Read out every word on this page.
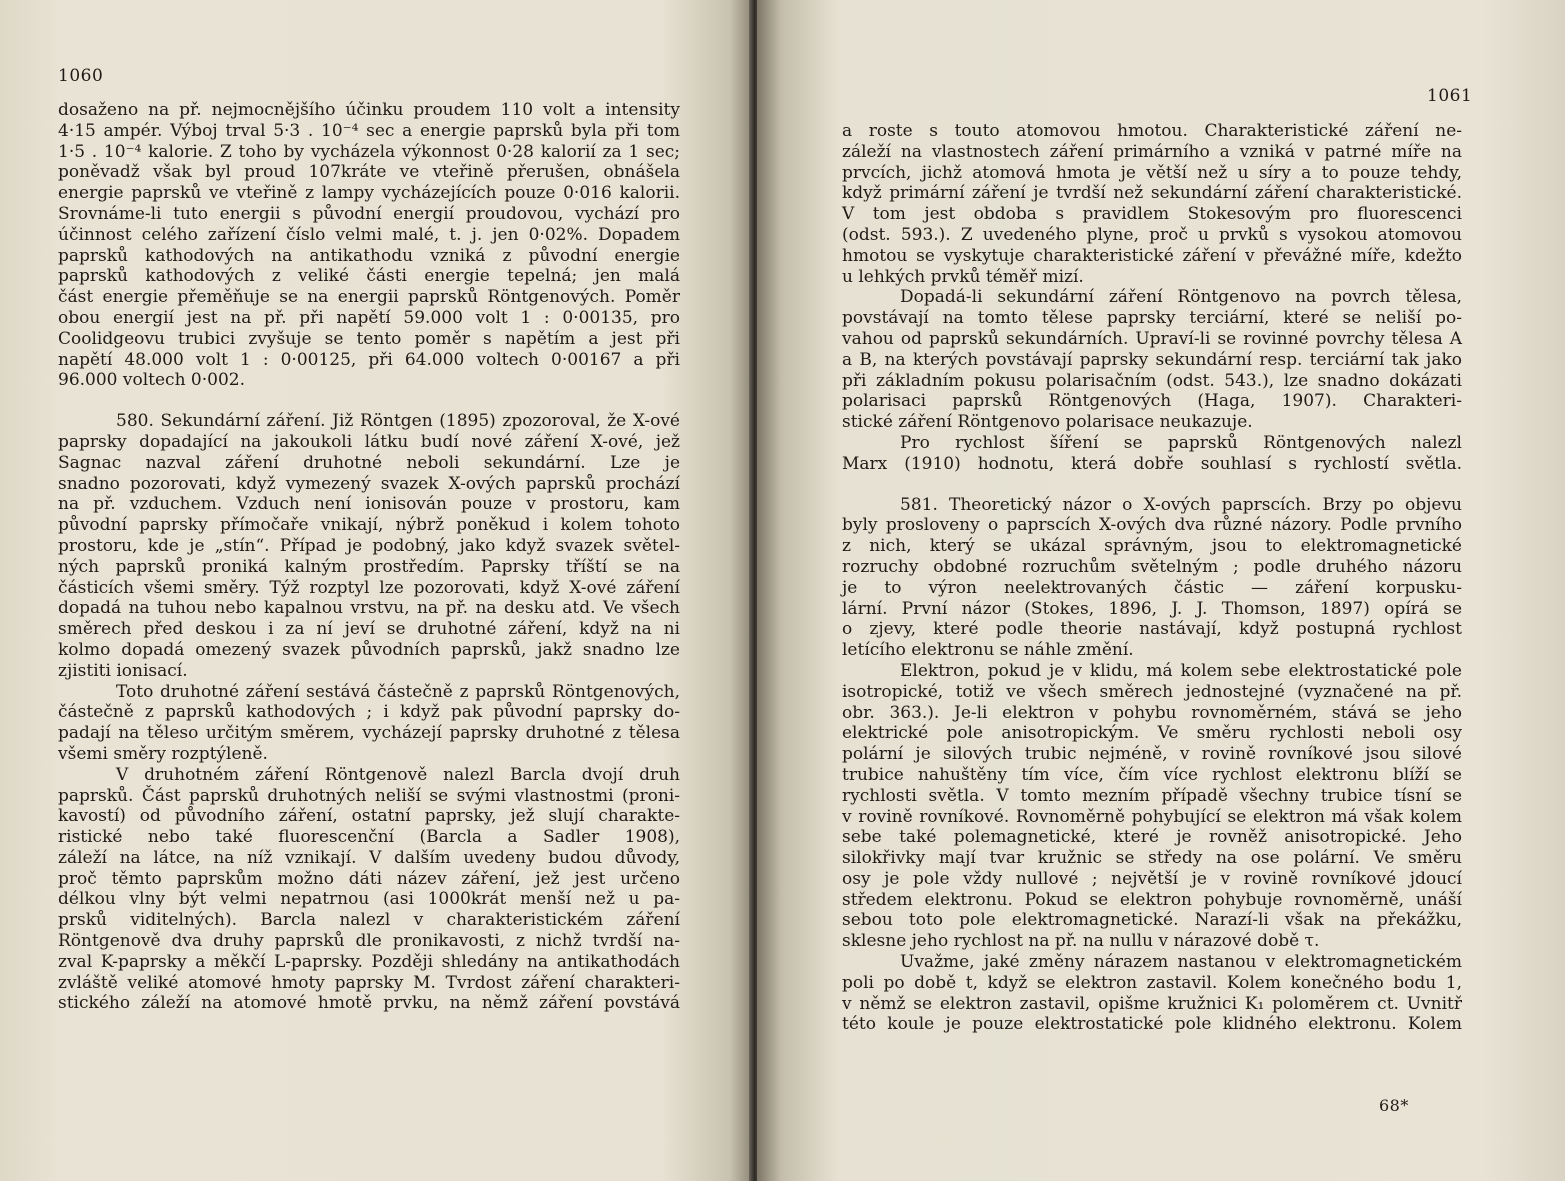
1060
dosaženo na př. nejmocnějšího účinku proudem 110 volt a intensity
4·15 ampér. Výboj trval 5·3 . 10⁻⁴ sec a energie paprsků byla při tom
1·5 . 10⁻⁴ kalorie. Z toho by vycházela výkonnost 0·28 kalorií za 1 sec;
poněvadž však byl proud 107kráte ve vteřině přerušen, obnášela
energie paprsků ve vteřině z lampy vycházejících pouze 0·016 kalorii.
Srovnáme-li tuto energii s původní energií proudovou, vychází pro
účinnost celého zařízení číslo velmi malé, t. j. jen 0·02%. Dopadem
paprsků kathodových na antikathodu vzniká z původní energie
paprsků kathodových z veliké části energie tepelná; jen malá
část energie přeměňuje se na energii paprsků Röntgenových. Poměr
obou energií jest na př. při napětí 59.000 volt 1 : 0·00135, pro
Coolidgeovu trubici zvyšuje se tento poměr s napětím a jest při
napětí 48.000 volt 1 : 0·00125, při 64.000 voltech 0·00167 a při
96.000 voltech 0·002.
580. Sekundární záření. Již Röntgen (1895) zpozoroval, že X-ové
paprsky dopadající na jakoukoli látku budí nové záření X-ové, jež
Sagnac nazval záření druhotné neboli sekundární. Lze je
snadno pozorovati, když vymezený svazek X-ových paprsků prochází
na př. vzduchem. Vzduch není ionisován pouze v prostoru, kam
původní paprsky přímočaře vnikají, nýbrž poněkud i kolem tohoto
prostoru, kde je „stín“. Případ je podobný, jako když svazek světel-
ných paprsků proniká kalným prostředím. Paprsky tříští se na
částicích všemi směry. Týž rozptyl lze pozorovati, když X-ové záření
dopadá na tuhou nebo kapalnou vrstvu, na př. na desku atd. Ve všech
směrech před deskou i za ní jeví se druhotné záření, když na ni
kolmo dopadá omezený svazek původních paprsků, jakž snadno lze
zjistiti ionisací.
Toto druhotné záření sestává částečně z paprsků Röntgenových,
částečně z paprsků kathodových ; i když pak původní paprsky do-
padají na těleso určitým směrem, vycházejí paprsky druhotné z tělesa
všemi směry rozptýleně.
V druhotném záření Röntgenově nalezl Barcla dvojí druh
paprsků. Část paprsků druhotných neliší se svými vlastnostmi (proni-
kavostí) od původního záření, ostatní paprsky, jež slují charakte-
ristické nebo také fluorescenční (Barcla a Sadler 1908),
záleží na látce, na níž vznikají. V dalším uvedeny budou důvody,
proč těmto paprskům možno dáti název záření, jež jest určeno
délkou vlny být velmi nepatrnou (asi 1000krát menší než u pa-
prsků viditelných). Barcla nalezl v charakteristickém záření
Röntgenově dva druhy paprsků dle pronikavosti, z nichž tvrdší na-
zval K-paprsky a měkčí L-paprsky. Později shledány na antikathodách
zvláště veliké atomové hmoty paprsky M. Tvrdost záření charakteri-
stického záleží na atomové hmotě prvku, na němž záření povstává
1061
a roste s touto atomovou hmotou. Charakteristické záření ne-
záleží na vlastnostech záření primárního a vzniká v patrné míře na
prvcích, jichž atomová hmota je větší než u síry a to pouze tehdy,
když primární záření je tvrdší než sekundární záření charakteristické.
V tom jest obdoba s pravidlem Stokesovým pro fluorescenci
(odst. 593.). Z uvedeného plyne, proč u prvků s vysokou atomovou
hmotou se vyskytuje charakteristické záření v převážné míře, kdežto
u lehkých prvků téměř mizí.
Dopadá-li sekundární záření Röntgenovo na povrch tělesa,
povstávají na tomto tělese paprsky terciární, které se neliší po-
vahou od paprsků sekundárních. Upraví-li se rovinné povrchy tělesa A
a B, na kterých povstávají paprsky sekundární resp. terciární tak jako
při základním pokusu polarisačním (odst. 543.), lze snadno dokázati
polarisaci paprsků Röntgenových (Haga, 1907). Charakteri-
stické záření Röntgenovo polarisace neukazuje.
Pro rychlost šíření se paprsků Röntgenových nalezl
Marx (1910) hodnotu, která dobře souhlasí s rychlostí světla.
581. Theoretický názor o X-ových paprscích. Brzy po objevu
byly prosloveny o paprscích X-ových dva různé názory. Podle prvního
z nich, který se ukázal správným, jsou to elektromagnetické
rozruchy obdobné rozruchům světelným ; podle druhého názoru
je to výron neelektrovaných částic — záření korpusku-
lární. První názor (Stokes, 1896, J. J. Thomson, 1897) opírá se
o zjevy, které podle theorie nastávají, když postupná rychlost
letícího elektronu se náhle změní.
Elektron, pokud je v klidu, má kolem sebe elektrostatické pole
isotropické, totiž ve všech směrech jednostejné (vyznačené na př.
obr. 363.). Je-li elektron v pohybu rovnoměrném, stává se jeho
elektrické pole anisotropickým. Ve směru rychlosti neboli osy
polární je silových trubic nejméně, v rovině rovníkové jsou silové
trubice nahuštěny tím více, čím více rychlost elektronu blíží se
rychlosti světla. V tomto mezním případě všechny trubice tísní se
v rovině rovníkové. Rovnoměrně pohybující se elektron má však kolem
sebe také polemagnetické, které je rovněž anisotropické. Jeho
silokřivky mají tvar kružnic se středy na ose polární. Ve směru
osy je pole vždy nullové ; největší je v rovině rovníkové jdoucí
středem elektronu. Pokud se elektron pohybuje rovnoměrně, unáší
sebou toto pole elektromagnetické. Narazí-li však na překážku,
sklesne jeho rychlost na př. na nullu v nárazové době τ.
Uvažme, jaké změny nárazem nastanou v elektromagnetickém
poli po době t, když se elektron zastavil. Kolem konečného bodu 1,
v němž se elektron zastavil, opišme kružnici K₁ poloměrem ct. Uvnitř
této koule je pouze elektrostatické pole klidného elektronu. Kolem
68*
